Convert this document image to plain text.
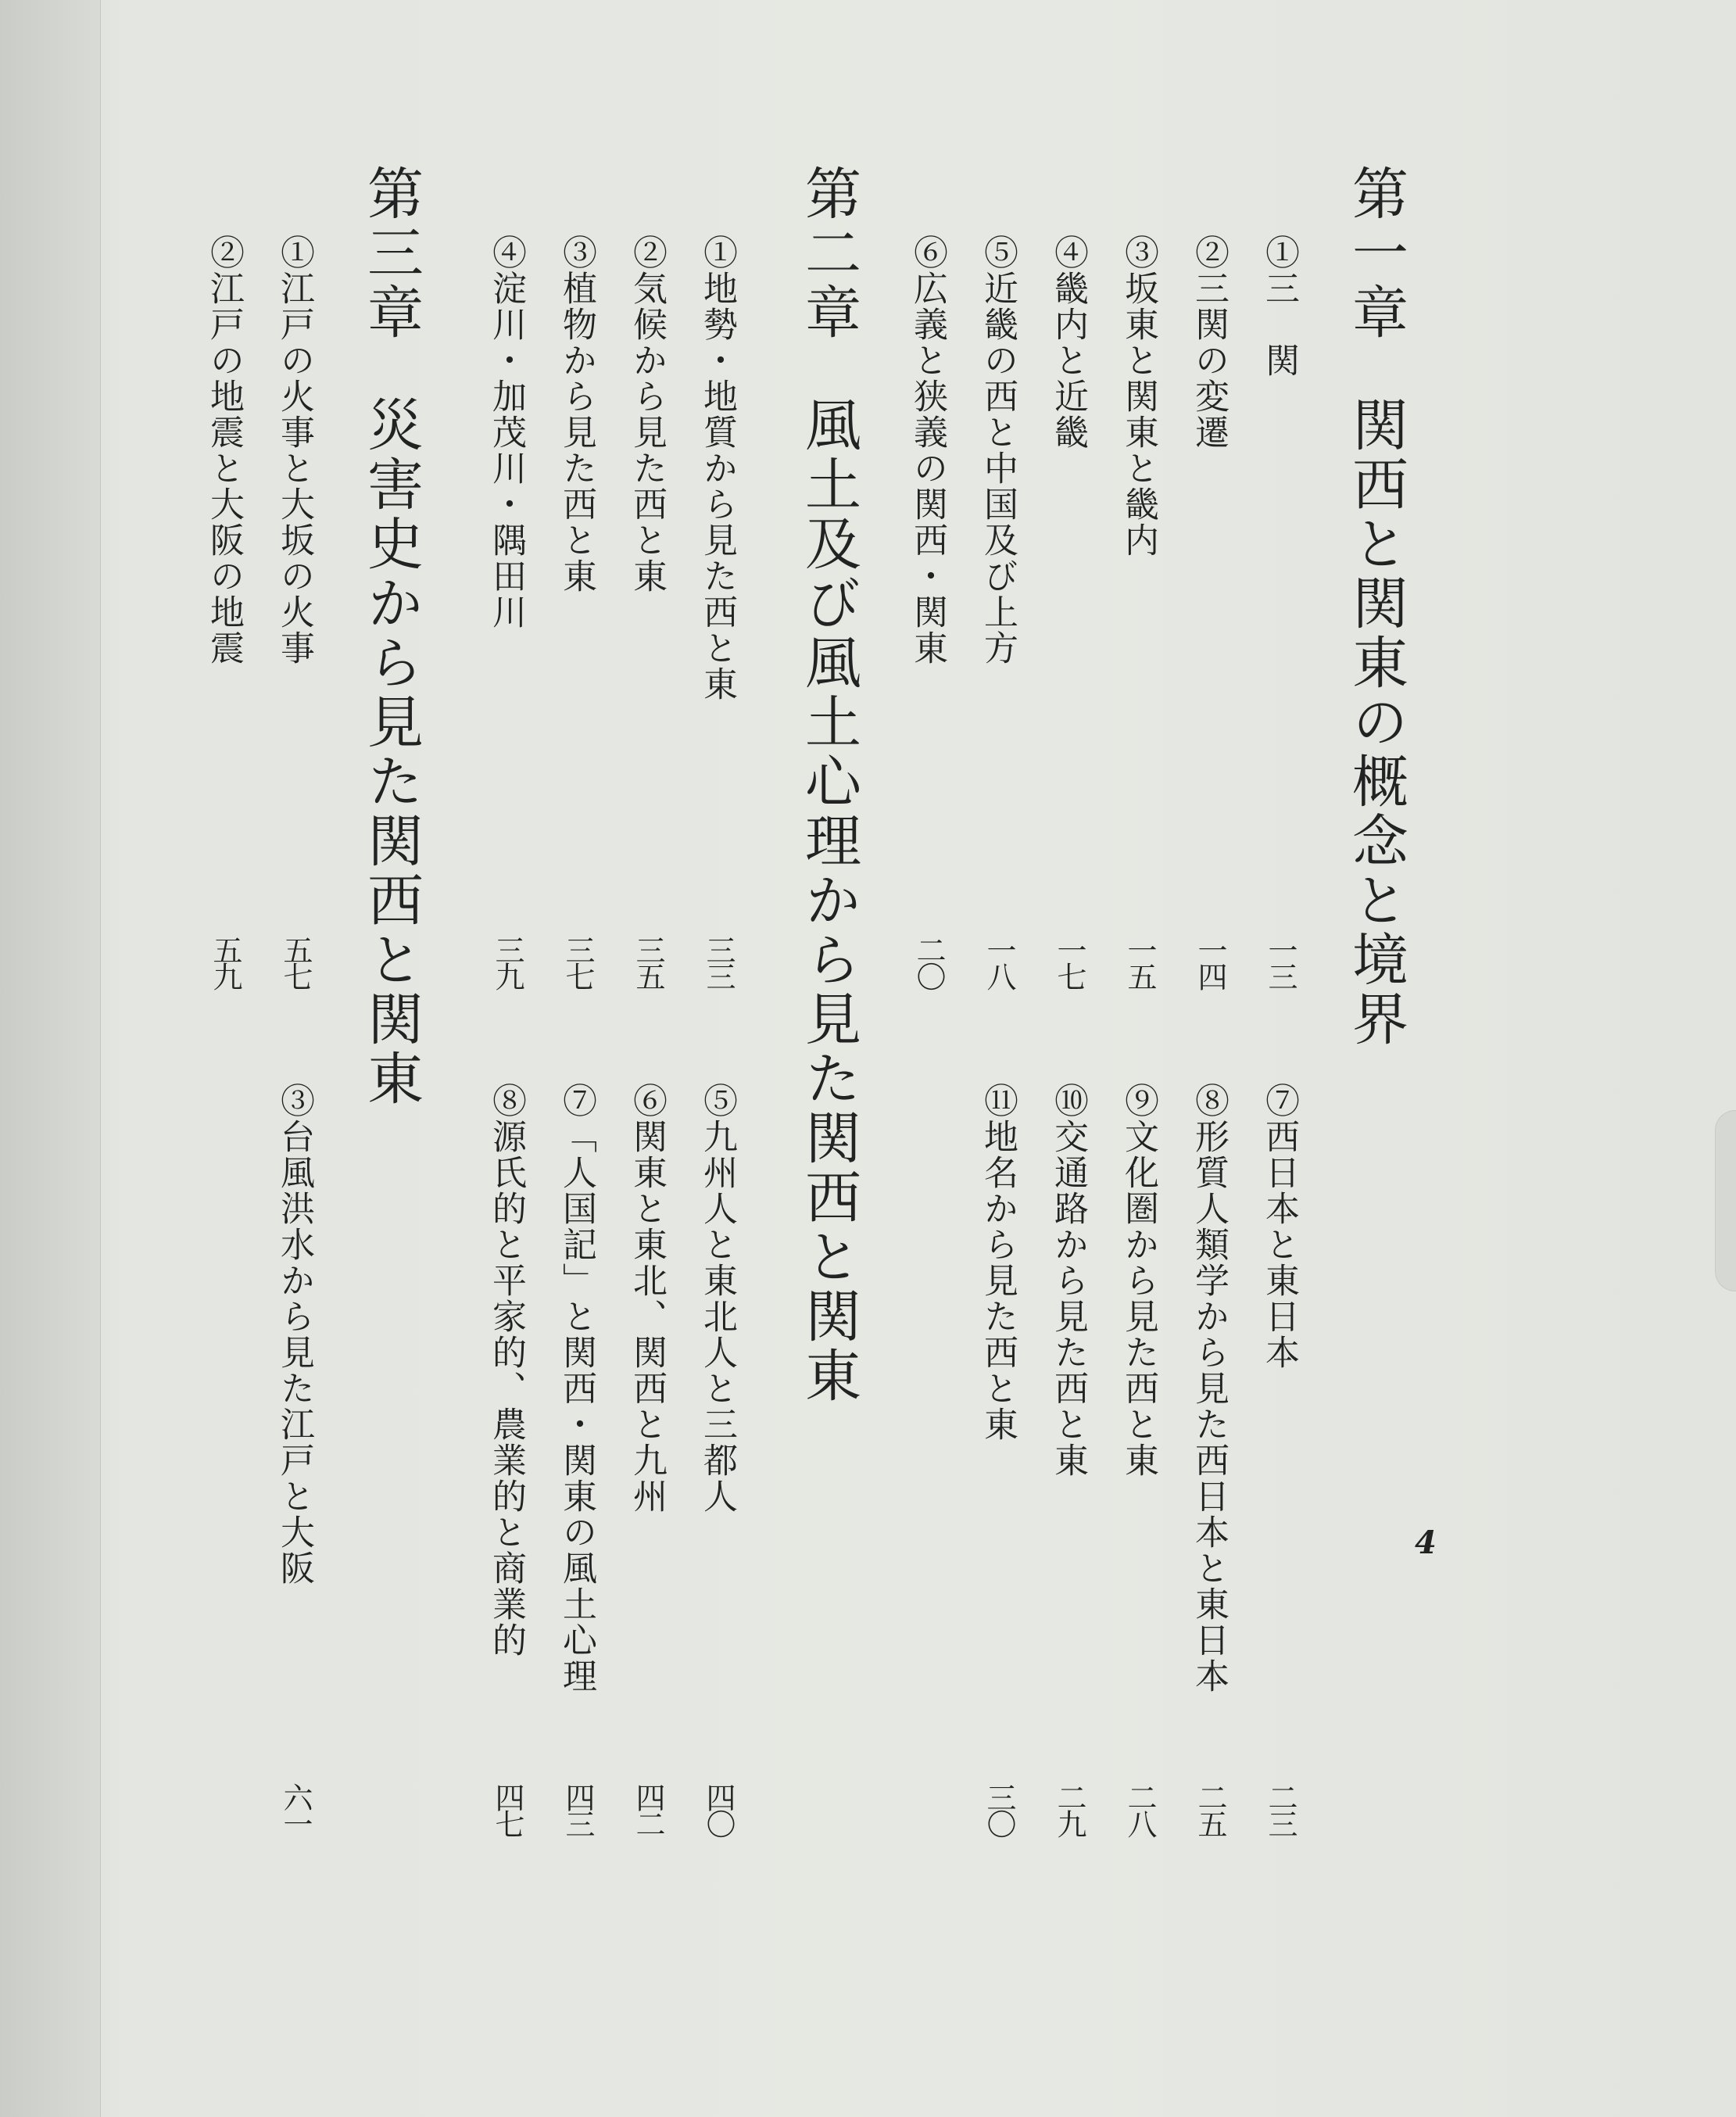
第一章関西と関東の概念と境界
①三　関
一三
②三関の変遷
一四
③坂東と関東と畿内
一五
④畿内と近畿
一七
⑤近畿の西と中国及び上方
一八
⑥広義と狭義の関西・関東
二〇
⑦西日本と東日本
二三
⑧形質人類学から見た西日本と東日本
二五
⑨文化圏から見た西と東
二八
⑩交通路から見た西と東
二九
⑪地名から見た西と東
三〇
第二章風土及び風土心理から見た関西と関東
①地勢・地質から見た西と東
三三
②気候から見た西と東
三五
③植物から見た西と東
三七
④淀川・加茂川・隅田川
三九
⑤九州人と東北人と三都人
四〇
⑥関東と東北、関西と九州
四二
⑦「人国記」と関西・関東の風土心理
四三
⑧源氏的と平家的、農業的と商業的
四七
第三章災害史から見た関西と関東
①江戸の火事と大坂の火事
五七
②江戸の地震と大阪の地震
五九
③台風洪水から見た江戸と大阪
六一
4
